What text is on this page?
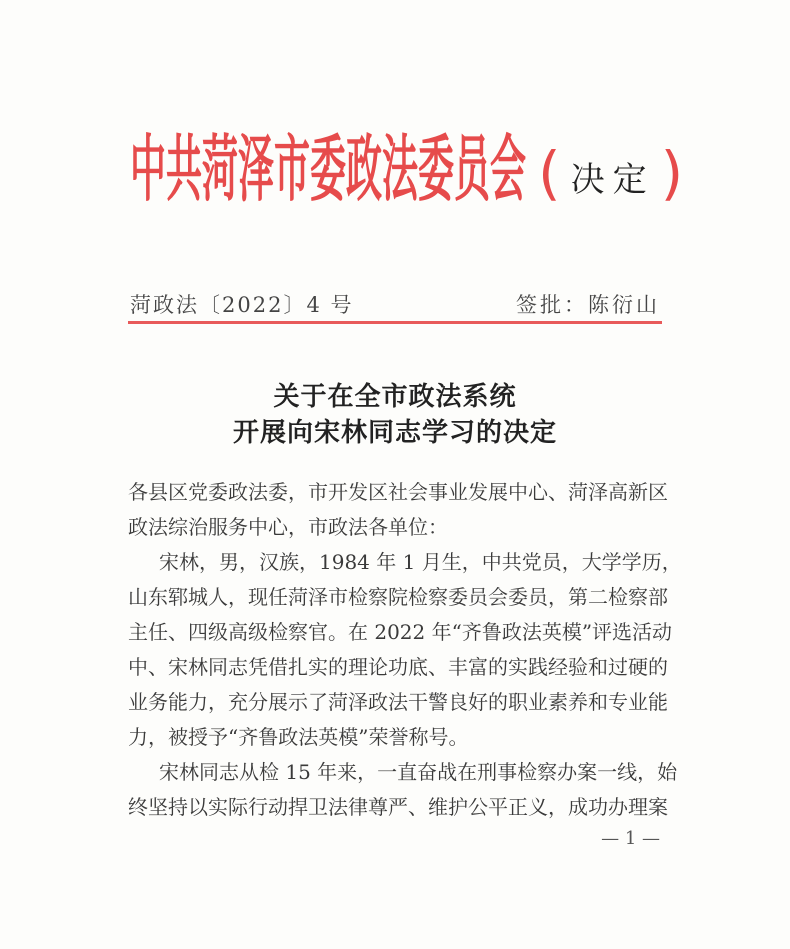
中共菏泽市委政法委员会 ( 决定 )
菏政法〔2022〕4 号	签批：陈衍山
关于在全市政法系统
开展向宋林同志学习的决定
各县区党委政法委，市开发区社会事业发展中心、菏泽高新区
政法综治服务中心，市政法各单位：
宋林，男，汉族，1984 年 1 月生，中共党员，大学学历，
山东郓城人，现任菏泽市检察院检察委员会委员，第二检察部
主任、四级高级检察官。在 2022 年“齐鲁政法英模”评选活动
中、宋林同志凭借扎实的理论功底、丰富的实践经验和过硬的
业务能力，充分展示了菏泽政法干警良好的职业素养和专业能
力，被授予“齐鲁政法英模”荣誉称号。
宋林同志从检 15 年来，一直奋战在刑事检察办案一线，始
终坚持以实际行动捍卫法律尊严、维护公平正义，成功办理案
— 1 —
